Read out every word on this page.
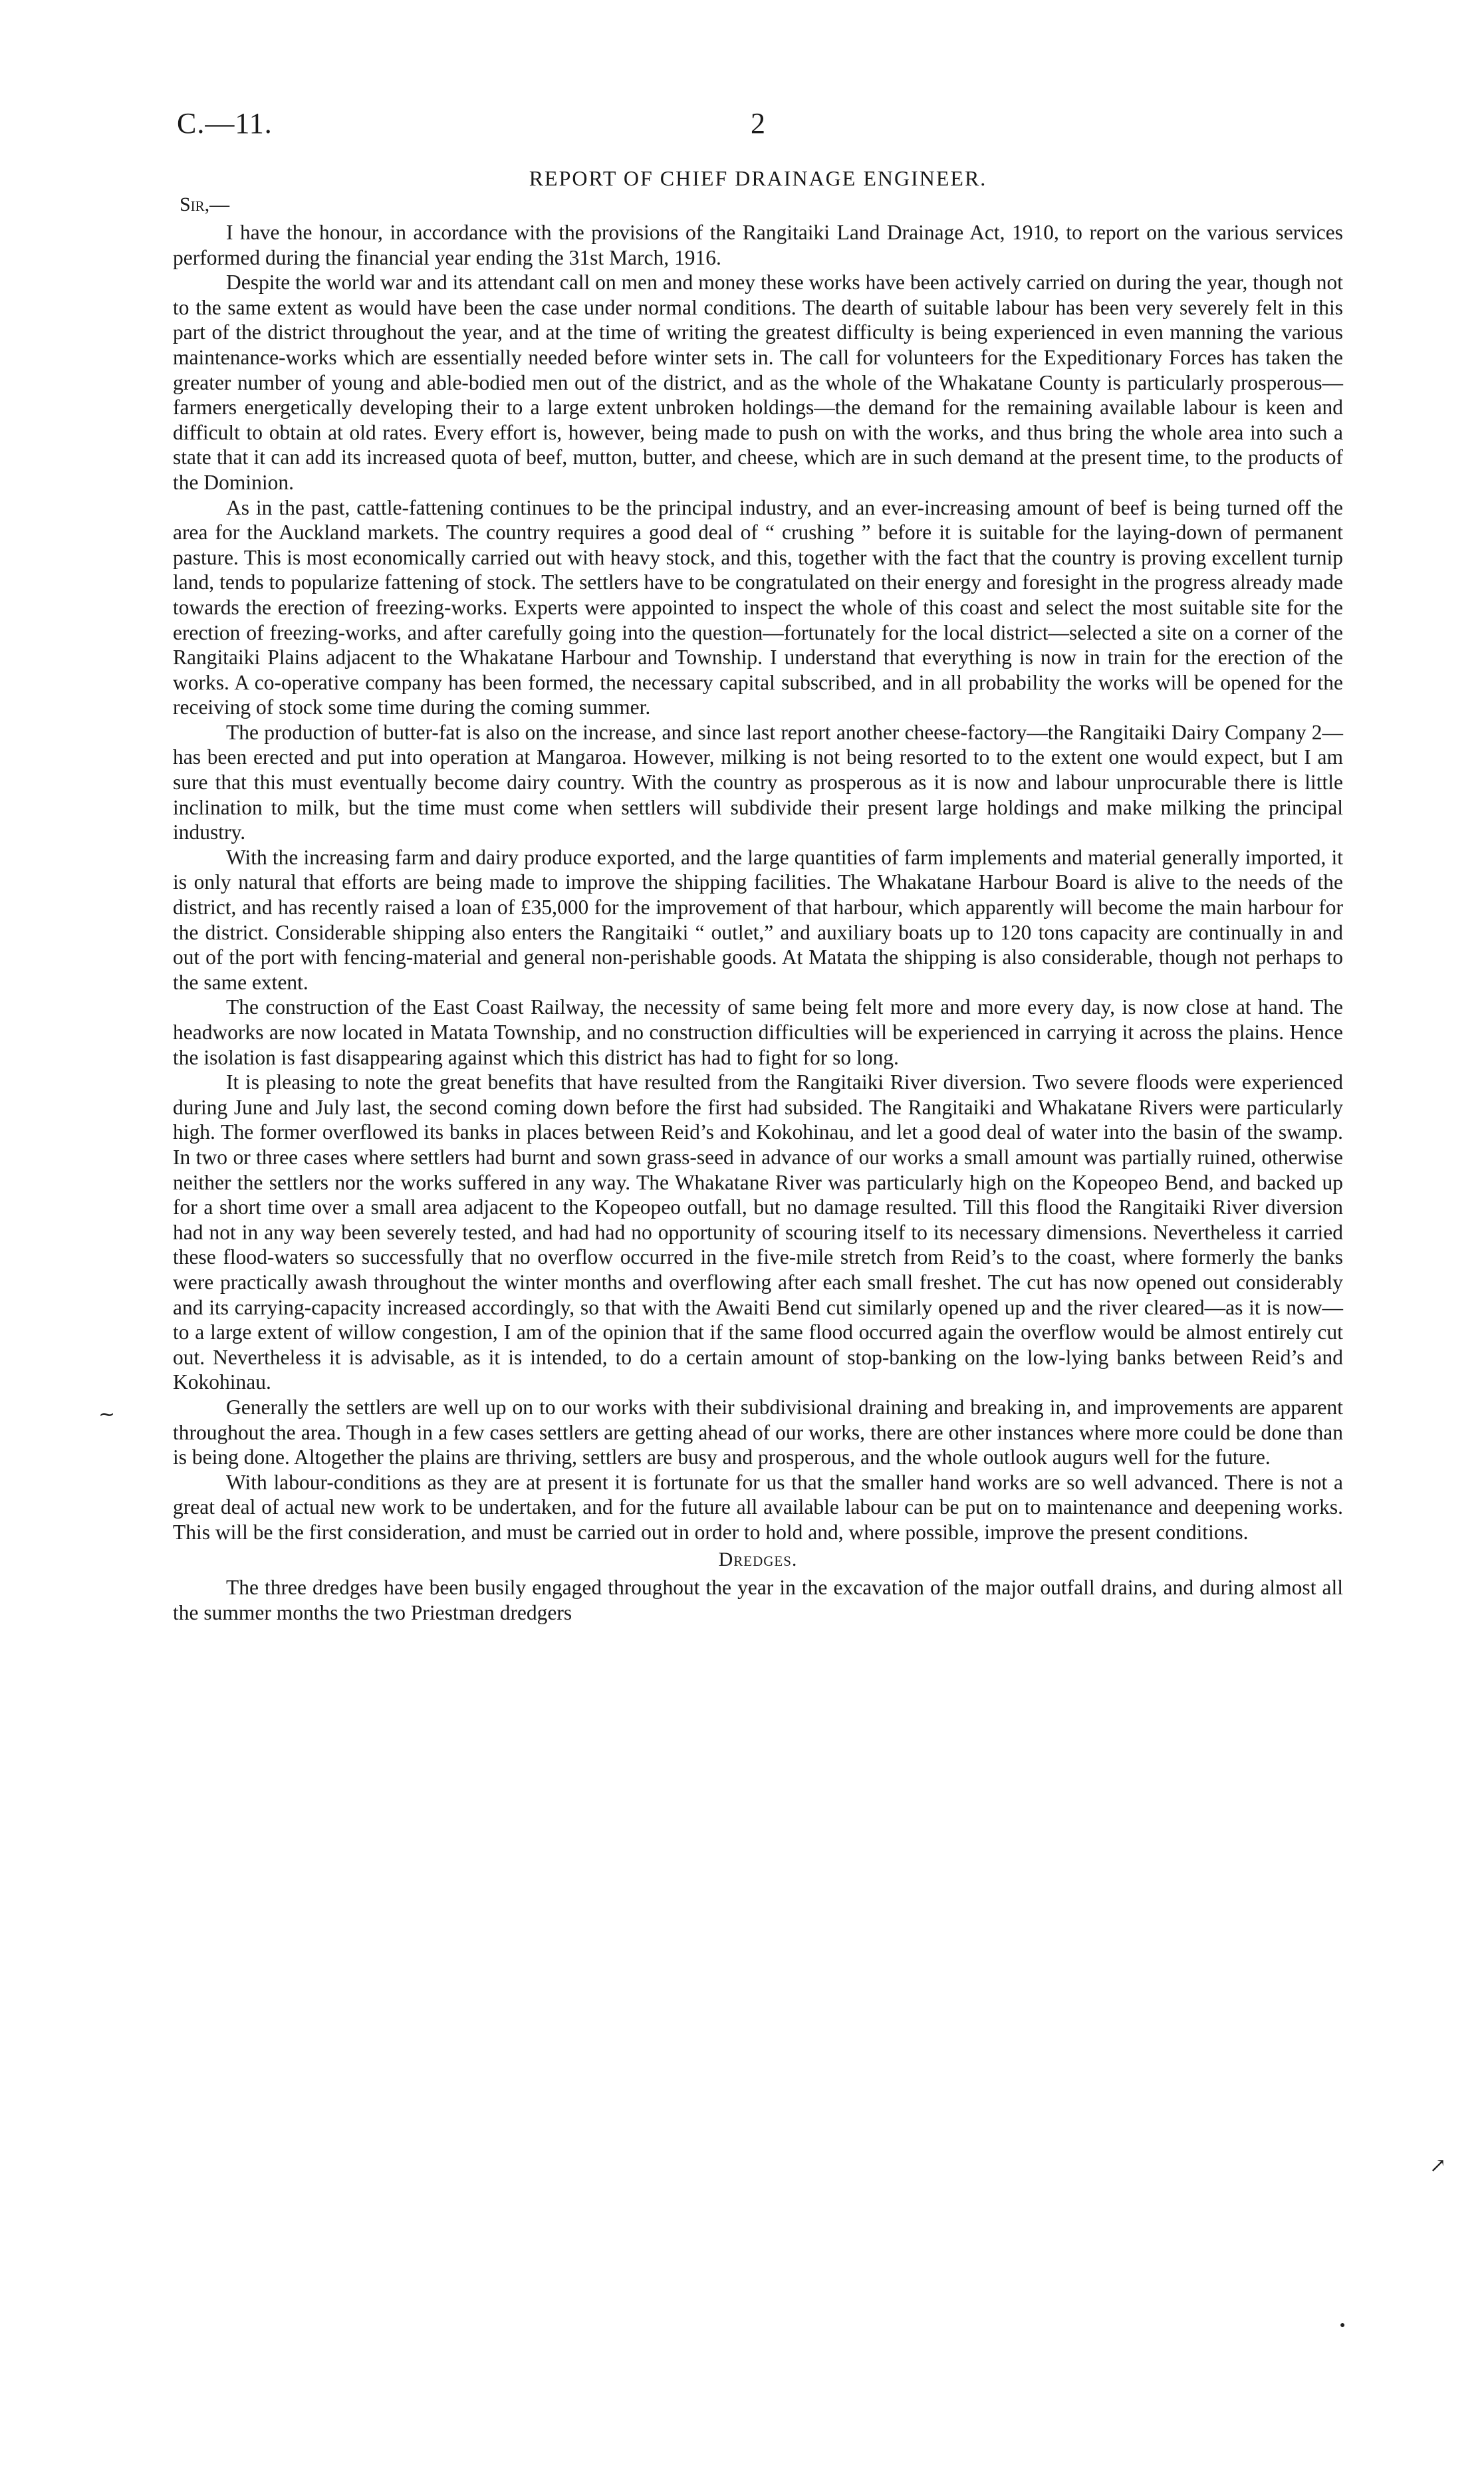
C.—11.	2
REPORT OF CHIEF DRAINAGE ENGINEER.
Sir,—

I have the honour, in accordance with the provisions of the Rangitaiki Land Drainage Act, 1910, to report on the various services performed during the financial year ending the 31st March, 1916.

Despite the world war and its attendant call on men and money these works have been actively carried on during the year, though not to the same extent as would have been the case under normal conditions. The dearth of suitable labour has been very severely felt in this part of the district throughout the year, and at the time of writing the greatest difficulty is being experienced in even manning the various maintenance-works which are essentially needed before winter sets in. The call for volunteers for the Expeditionary Forces has taken the greater number of young and able-bodied men out of the district, and as the whole of the Whakatane County is particularly prosperous—farmers energetically developing their to a large extent unbroken holdings—the demand for the remaining available labour is keen and difficult to obtain at old rates. Every effort is, however, being made to push on with the works, and thus bring the whole area into such a state that it can add its increased quota of beef, mutton, butter, and cheese, which are in such demand at the present time, to the products of the Dominion.

As in the past, cattle-fattening continues to be the principal industry, and an ever-increasing amount of beef is being turned off the area for the Auckland markets. The country requires a good deal of “ crushing ” before it is suitable for the laying-down of permanent pasture. This is most economically carried out with heavy stock, and this, together with the fact that the country is proving excellent turnip land, tends to popularize fattening of stock. The settlers have to be congratulated on their energy and foresight in the progress already made towards the erection of freezing-works. Experts were appointed to inspect the whole of this coast and select the most suitable site for the erection of freezing-works, and after carefully going into the question—fortunately for the local district—selected a site on a corner of the Rangitaiki Plains adjacent to the Whakatane Harbour and Township. I understand that everything is now in train for the erection of the works. A co-operative company has been formed, the necessary capital subscribed, and in all probability the works will be opened for the receiving of stock some time during the coming summer.

The production of butter-fat is also on the increase, and since last report another cheese-factory—the Rangitaiki Dairy Company 2—has been erected and put into operation at Mangaroa. However, milking is not being resorted to to the extent one would expect, but I am sure that this must eventually become dairy country. With the country as prosperous as it is now and labour unprocurable there is little inclination to milk, but the time must come when settlers will subdivide their present large holdings and make milking the principal industry.

With the increasing farm and dairy produce exported, and the large quantities of farm implements and material generally imported, it is only natural that efforts are being made to improve the shipping facilities. The Whakatane Harbour Board is alive to the needs of the district, and has recently raised a loan of £35,000 for the improvement of that harbour, which apparently will become the main harbour for the district. Considerable shipping also enters the Rangitaiki “ outlet,” and auxiliary boats up to 120 tons capacity are continually in and out of the port with fencing-material and general non-perishable goods. At Matata the shipping is also considerable, though not perhaps to the same extent.

The construction of the East Coast Railway, the necessity of same being felt more and more every day, is now close at hand. The headworks are now located in Matata Township, and no construction difficulties will be experienced in carrying it across the plains. Hence the isolation is fast disappearing against which this district has had to fight for so long.

It is pleasing to note the great benefits that have resulted from the Rangitaiki River diversion. Two severe floods were experienced during June and July last, the second coming down before the first had subsided. The Rangitaiki and Whakatane Rivers were particularly high. The former overflowed its banks in places between Reid’s and Kokohinau, and let a good deal of water into the basin of the swamp. In two or three cases where settlers had burnt and sown grass-seed in advance of our works a small amount was partially ruined, otherwise neither the settlers nor the works suffered in any way. The Whakatane River was particularly high on the Kopeopeo Bend, and backed up for a short time over a small area adjacent to the Kopeopeo outfall, but no damage resulted. Till this flood the Rangitaiki River diversion had not in any way been severely tested, and had had no opportunity of scouring itself to its necessary dimensions. Nevertheless it carried these flood-waters so successfully that no overflow occurred in the five-mile stretch from Reid’s to the coast, where formerly the banks were practically awash throughout the winter months and overflowing after each small freshet. The cut has now opened out considerably and its carrying-capacity increased accordingly, so that with the Awaiti Bend cut similarly opened up and the river cleared—as it is now—to a large extent of willow congestion, I am of the opinion that if the same flood occurred again the overflow would be almost entirely cut out. Nevertheless it is advisable, as it is intended, to do a certain amount of stop-banking on the low-lying banks between Reid’s and Kokohinau.

Generally the settlers are well up on to our works with their subdivisional draining and breaking in, and improvements are apparent throughout the area. Though in a few cases settlers are getting ahead of our works, there are other instances where more could be done than is being done. Altogether the plains are thriving, settlers are busy and prosperous, and the whole outlook augurs well for the future.

With labour-conditions as they are at present it is fortunate for us that the smaller hand works are so well advanced. There is not a great deal of actual new work to be undertaken, and for the future all available labour can be put on to maintenance and deepening works. This will be the first consideration, and must be carried out in order to hold and, where possible, improve the present conditions.

Dredges.

The three dredges have been busily engaged throughout the year in the excavation of the major outfall drains, and during almost all the summer months the two Priestman dredgers

∼
↗
●
